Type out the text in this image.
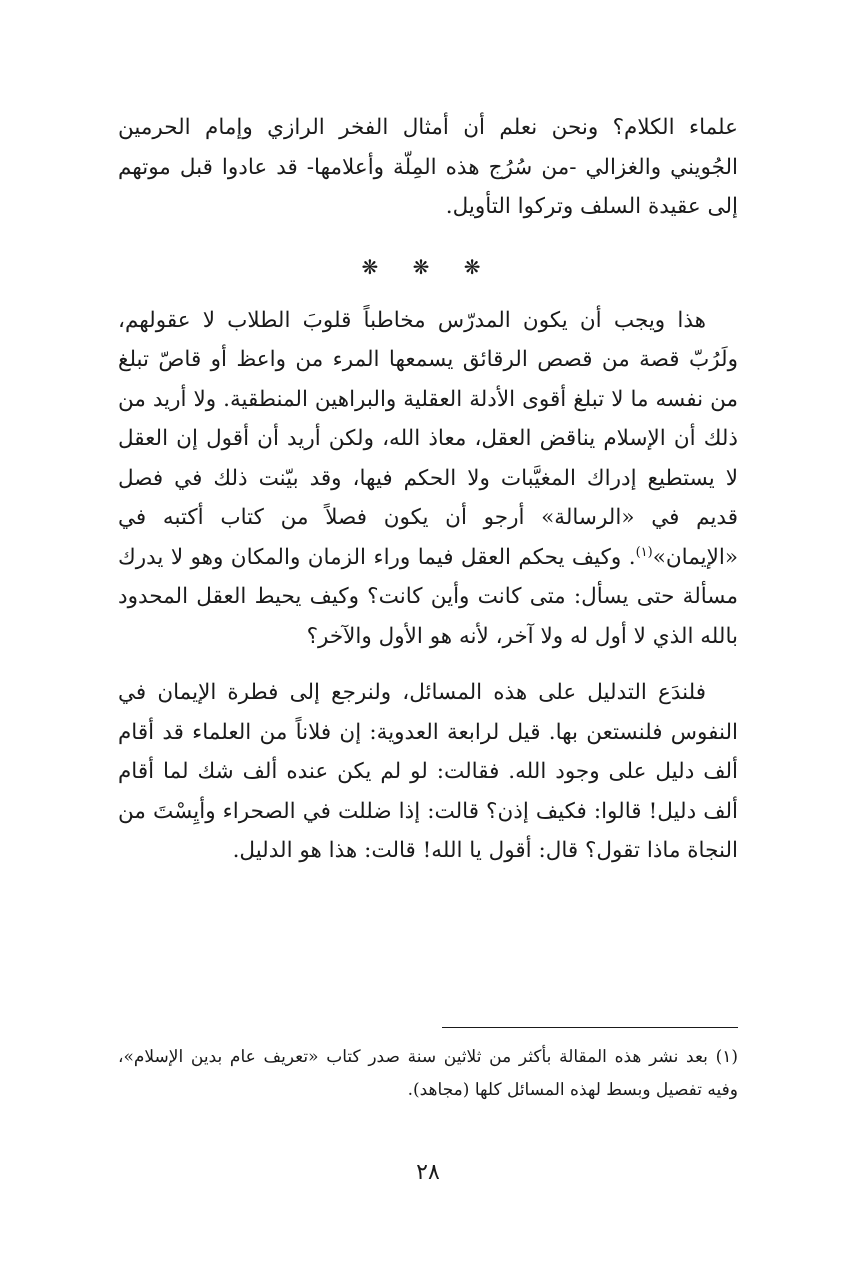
علماء الكلام؟ ونحن نعلم أن أمثال الفخر الرازي وإمام الحرمين الجُويني والغزالي -من سُرُج هذه المِلّة وأعلامها- قد عادوا قبل موتهم إلى عقيدة السلف وتركوا التأويل.

❋ ❋ ❋

هذا ويجب أن يكون المدرّس مخاطباً قلوبَ الطلاب لا عقولهم، ولَرُبّ قصة من قصص الرقائق يسمعها المرء من واعظ أو قاصّ تبلغ من نفسه ما لا تبلغ أقوى الأدلة العقلية والبراهين المنطقية. ولا أريد من ذلك أن الإسلام يناقض العقل، معاذ الله، ولكن أريد أن أقول إن العقل لا يستطيع إدراك المغيَّبات ولا الحكم فيها، وقد بيّنت ذلك في فصل قديم في «الرسالة» أرجو أن يكون فصلاً من كتاب أكتبه في «الإيمان»$^{(١)}$. وكيف يحكم العقل فيما وراء الزمان والمكان وهو لا يدرك مسألة حتى يسأل: متى كانت وأين كانت؟ وكيف يحيط العقل المحدود بالله الذي لا أول له ولا آخر، لأنه هو الأول والآخر؟

فلندَع التدليل على هذه المسائل، ولنرجع إلى فطرة الإيمان في النفوس فلنستعن بها. قيل لرابعة العدوية: إن فلاناً من العلماء قد أقام ألف دليل على وجود الله. فقالت: لو لم يكن عنده ألف شك لما أقام ألف دليل! قالوا: فكيف إذن؟ قالت: إذا ضللت في الصحراء وأيِسْتَ من النجاة ماذا تقول؟ قال: أقول يا الله! قالت: هذا هو الدليل.

(١) بعد نشر هذه المقالة بأكثر من ثلاثين سنة صدر كتاب «تعريف عام بدين الإسلام»، وفيه تفصيل وبسط لهذه المسائل كلها (مجاهد).

٢٨
